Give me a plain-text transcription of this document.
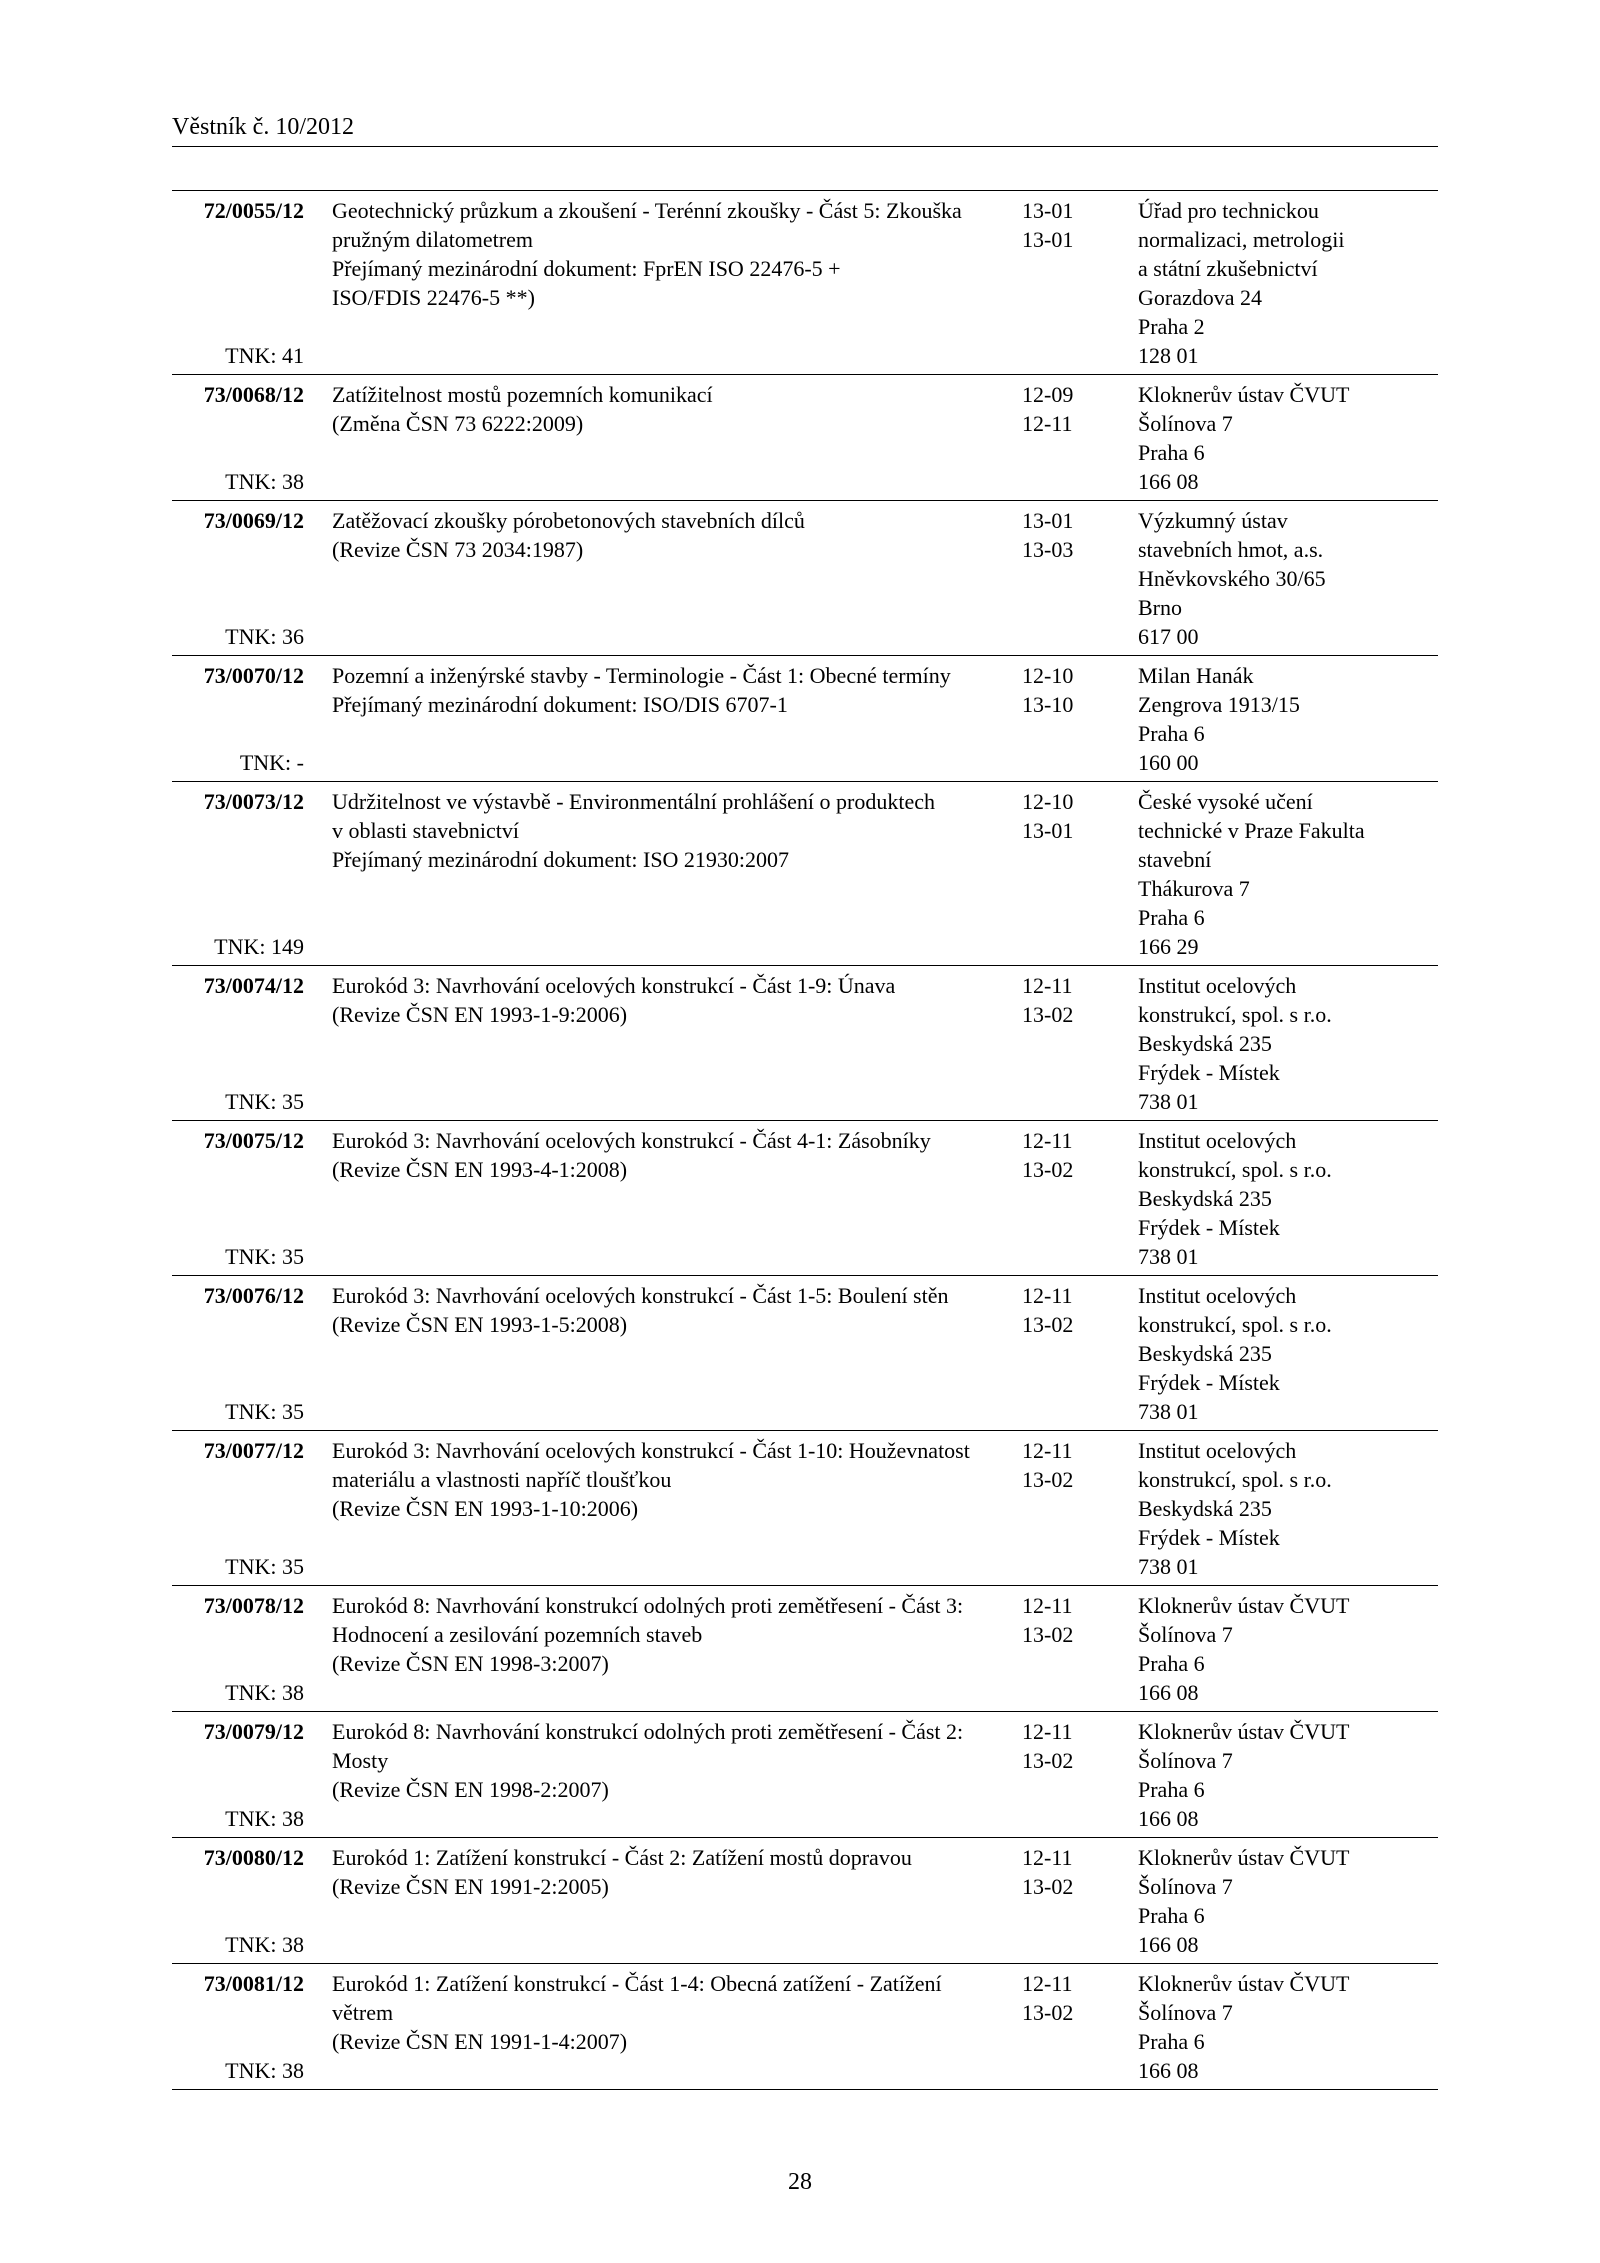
Věstník č. 10/2012
72/0055/12
TNK: 41
Geotechnický průzkum a zkoušení - Terénní zkoušky - Část 5: Zkouška
pružným dilatometrem
Přejímaný mezinárodní dokument: FprEN ISO 22476-5 +
ISO/FDIS 22476-5 **)
13-01
13-01
Úřad pro technickou
normalizaci, metrologii
a státní zkušebnictví
Gorazdova 24
Praha 2
128 01
73/0068/12
TNK: 38
Zatížitelnost mostů pozemních komunikací
(Změna ČSN 73 6222:2009)
12-09
12-11
Kloknerův ústav ČVUT
Šolínova 7
Praha 6
166 08
73/0069/12
TNK: 36
Zatěžovací zkoušky pórobetonových stavebních dílců
(Revize ČSN 73 2034:1987)
13-01
13-03
Výzkumný ústav
stavebních hmot, a.s.
Hněvkovského 30/65
Brno
617 00
73/0070/12
TNK: -
Pozemní a inženýrské stavby - Terminologie - Část 1: Obecné termíny
Přejímaný mezinárodní dokument: ISO/DIS 6707-1
12-10
13-10
Milan Hanák
Zengrova 1913/15
Praha 6
160 00
73/0073/12
TNK: 149
Udržitelnost ve výstavbě - Environmentální prohlášení o produktech
v oblasti stavebnictví
Přejímaný mezinárodní dokument: ISO 21930:2007
12-10
13-01
České vysoké učení
technické v Praze Fakulta
stavební
Thákurova 7
Praha 6
166 29
73/0074/12
TNK: 35
Eurokód 3: Navrhování ocelových konstrukcí - Část 1-9: Únava
(Revize ČSN EN 1993-1-9:2006)
12-11
13-02
Institut ocelových
konstrukcí, spol. s r.o.
Beskydská 235
Frýdek - Místek
738 01
73/0075/12
TNK: 35
Eurokód 3: Navrhování ocelových konstrukcí - Část 4-1: Zásobníky
(Revize ČSN EN 1993-4-1:2008)
12-11
13-02
Institut ocelových
konstrukcí, spol. s r.o.
Beskydská 235
Frýdek - Místek
738 01
73/0076/12
TNK: 35
Eurokód 3: Navrhování ocelových konstrukcí - Část 1-5: Boulení stěn
(Revize ČSN EN 1993-1-5:2008)
12-11
13-02
Institut ocelových
konstrukcí, spol. s r.o.
Beskydská 235
Frýdek - Místek
738 01
73/0077/12
TNK: 35
Eurokód 3: Navrhování ocelových konstrukcí - Část 1-10: Houževnatost
materiálu a vlastnosti napříč tloušťkou
(Revize ČSN EN 1993-1-10:2006)
12-11
13-02
Institut ocelových
konstrukcí, spol. s r.o.
Beskydská 235
Frýdek - Místek
738 01
73/0078/12
TNK: 38
Eurokód 8: Navrhování konstrukcí odolných proti zemětřesení - Část 3:
Hodnocení a zesilování pozemních staveb
(Revize ČSN EN 1998-3:2007)
12-11
13-02
Kloknerův ústav ČVUT
Šolínova 7
Praha 6
166 08
73/0079/12
TNK: 38
Eurokód 8: Navrhování konstrukcí odolných proti zemětřesení - Část 2:
Mosty
(Revize ČSN EN 1998-2:2007)
12-11
13-02
Kloknerův ústav ČVUT
Šolínova 7
Praha 6
166 08
73/0080/12
TNK: 38
Eurokód 1: Zatížení konstrukcí - Část 2: Zatížení mostů dopravou
(Revize ČSN EN 1991-2:2005)
12-11
13-02
Kloknerův ústav ČVUT
Šolínova 7
Praha 6
166 08
73/0081/12
TNK: 38
Eurokód 1: Zatížení konstrukcí - Část 1-4: Obecná zatížení - Zatížení
větrem
(Revize ČSN EN 1991-1-4:2007)
12-11
13-02
Kloknerův ústav ČVUT
Šolínova 7
Praha 6
166 08
28
